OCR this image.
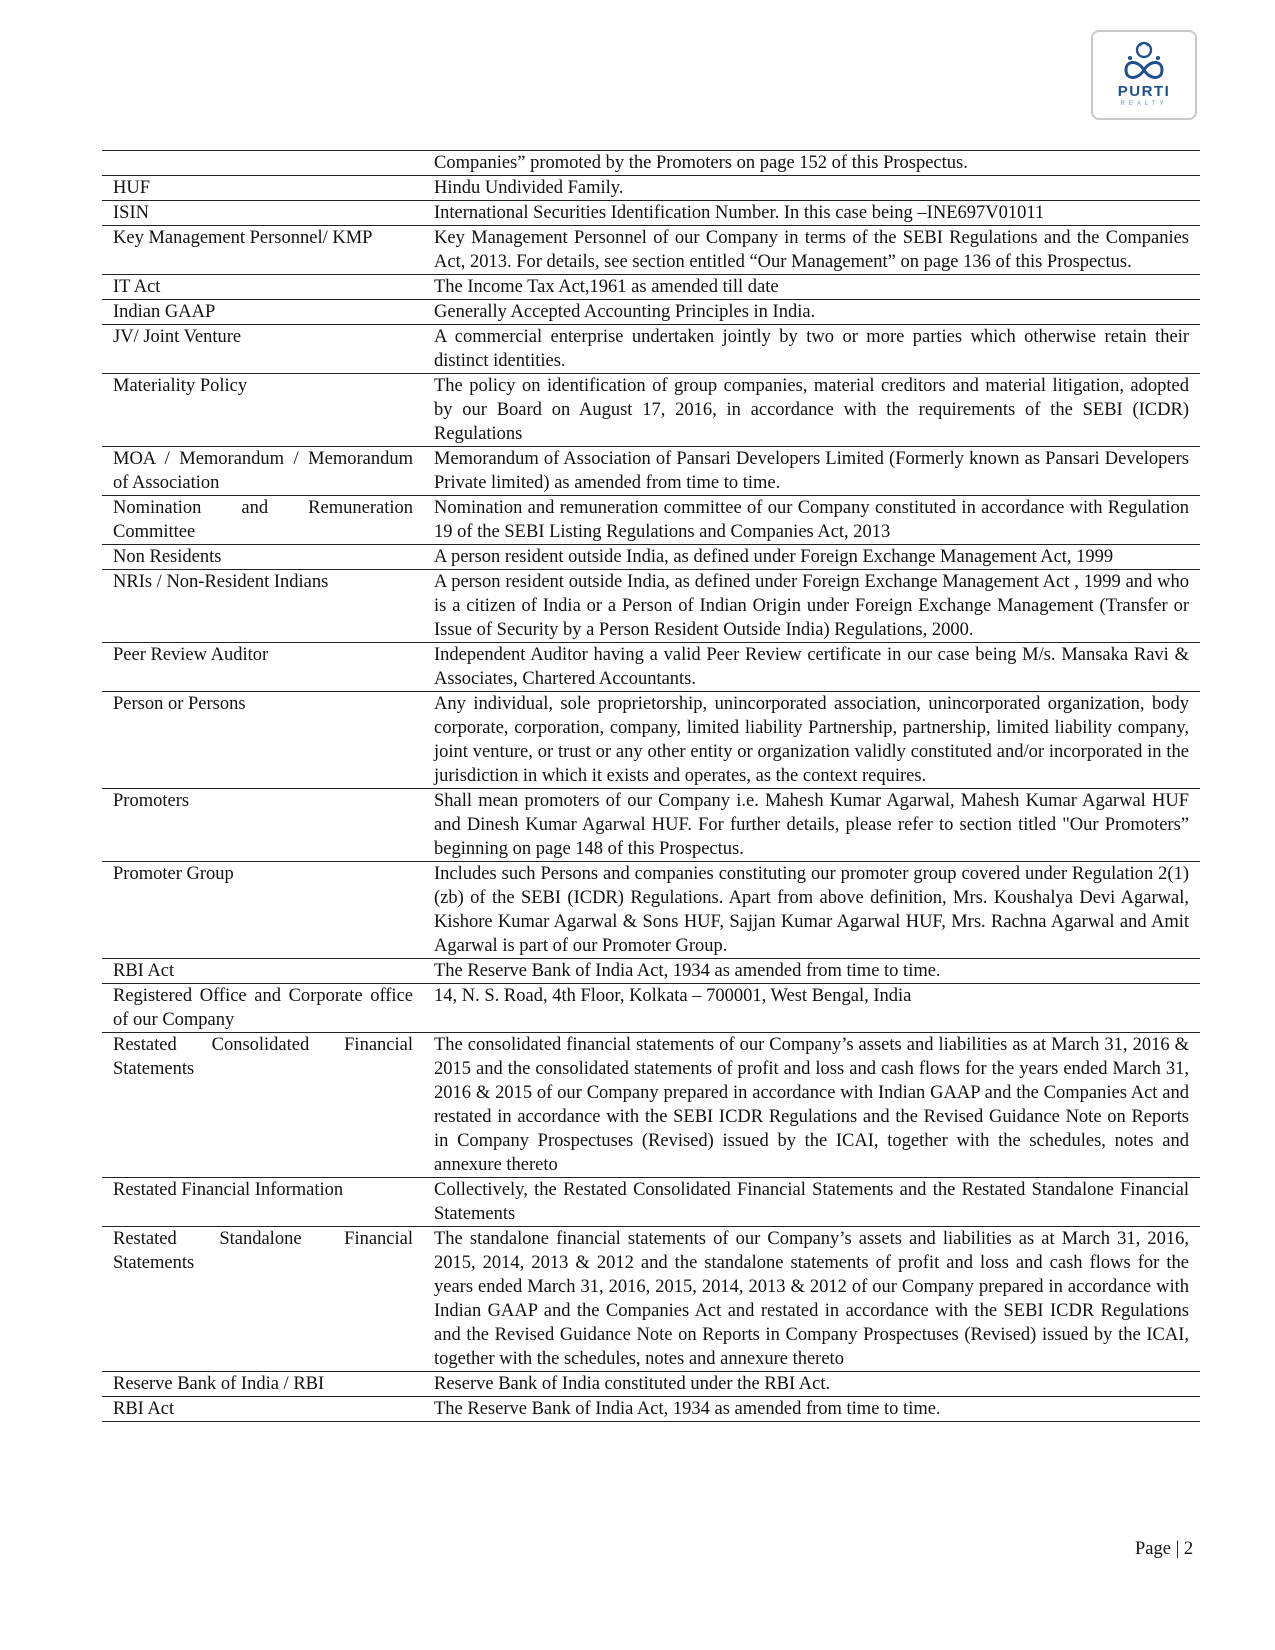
PURTI
REALTY
	Companies” promoted by the Promoters on page 152 of this Prospectus.
HUF	Hindu Undivided Family.
ISIN	International Securities Identification Number. In this case being –INE697V01011
Key Management Personnel/ KMP	Key Management Personnel of our Company in terms of the SEBI Regulations and the Companies Act, 2013. For details, see section entitled “Our Management” on page 136 of this Prospectus.
IT Act	The Income Tax Act,1961 as amended till date
Indian GAAP	Generally Accepted Accounting Principles in India.
JV/ Joint Venture	A commercial enterprise undertaken jointly by two or more parties which otherwise retain their distinct identities.
Materiality Policy	The policy on identification of group companies, material creditors and material litigation, adopted by our Board on August 17, 2016, in accordance with the requirements of the SEBI (ICDR) Regulations
MOA / Memorandum / Memorandum of Association	Memorandum of Association of Pansari Developers Limited (Formerly known as Pansari Developers Private limited) as amended from time to time.
Nomination and Remuneration Committee	Nomination and remuneration committee of our Company constituted in accordance with Regulation 19 of the SEBI Listing Regulations and Companies Act, 2013
Non Residents	A person resident outside India, as defined under Foreign Exchange Management Act, 1999
NRIs / Non-Resident Indians	A person resident outside India, as defined under Foreign Exchange Management Act , 1999 and who is a citizen of India or a Person of Indian Origin under Foreign Exchange Management (Transfer or Issue of Security by a Person Resident Outside India) Regulations, 2000.
Peer Review Auditor	Independent Auditor having a valid Peer Review certificate in our case being M/s. Mansaka Ravi & Associates, Chartered Accountants.
Person or Persons	Any individual, sole proprietorship, unincorporated association, unincorporated organization, body corporate, corporation, company, limited liability Partnership, partnership, limited liability company, joint venture, or trust or any other entity or organization validly constituted and/or incorporated in the jurisdiction in which it exists and operates, as the context requires.
Promoters	Shall mean promoters of our Company i.e. Mahesh Kumar Agarwal, Mahesh Kumar Agarwal HUF and Dinesh Kumar Agarwal HUF. For further details, please refer to section titled "Our Promoters” beginning on page 148 of this Prospectus.
Promoter Group	Includes such Persons and companies constituting our promoter group covered under Regulation 2(1) (zb) of the SEBI (ICDR) Regulations. Apart from above definition, Mrs. Koushalya Devi Agarwal, Kishore Kumar Agarwal & Sons HUF, Sajjan Kumar Agarwal HUF, Mrs. Rachna Agarwal and Amit Agarwal is part of our Promoter Group.
RBI Act	The Reserve Bank of India Act, 1934 as amended from time to time.
Registered Office and Corporate office of our Company	14, N. S. Road, 4th Floor, Kolkata – 700001, West Bengal, India
Restated Consolidated Financial Statements	The consolidated financial statements of our Company’s assets and liabilities as at March 31, 2016 & 2015 and the consolidated statements of profit and loss and cash flows for the years ended March 31, 2016 & 2015 of our Company prepared in accordance with Indian GAAP and the Companies Act and restated in accordance with the SEBI ICDR Regulations and the Revised Guidance Note on Reports in Company Prospectuses (Revised) issued by the ICAI, together with the schedules, notes and annexure thereto
Restated Financial Information	Collectively, the Restated Consolidated Financial Statements and the Restated Standalone Financial Statements
Restated Standalone Financial Statements	The standalone financial statements of our Company’s assets and liabilities as at March 31, 2016, 2015, 2014, 2013 & 2012 and the standalone statements of profit and loss and cash flows for the years ended March 31, 2016, 2015, 2014, 2013 & 2012 of our Company prepared in accordance with Indian GAAP and the Companies Act and restated in accordance with the SEBI ICDR Regulations and the Revised Guidance Note on Reports in Company Prospectuses (Revised) issued by the ICAI, together with the schedules, notes and annexure thereto
Reserve Bank of India / RBI	Reserve Bank of India constituted under the RBI Act.
RBI Act	The Reserve Bank of India Act, 1934 as amended from time to time.
Page | 2
